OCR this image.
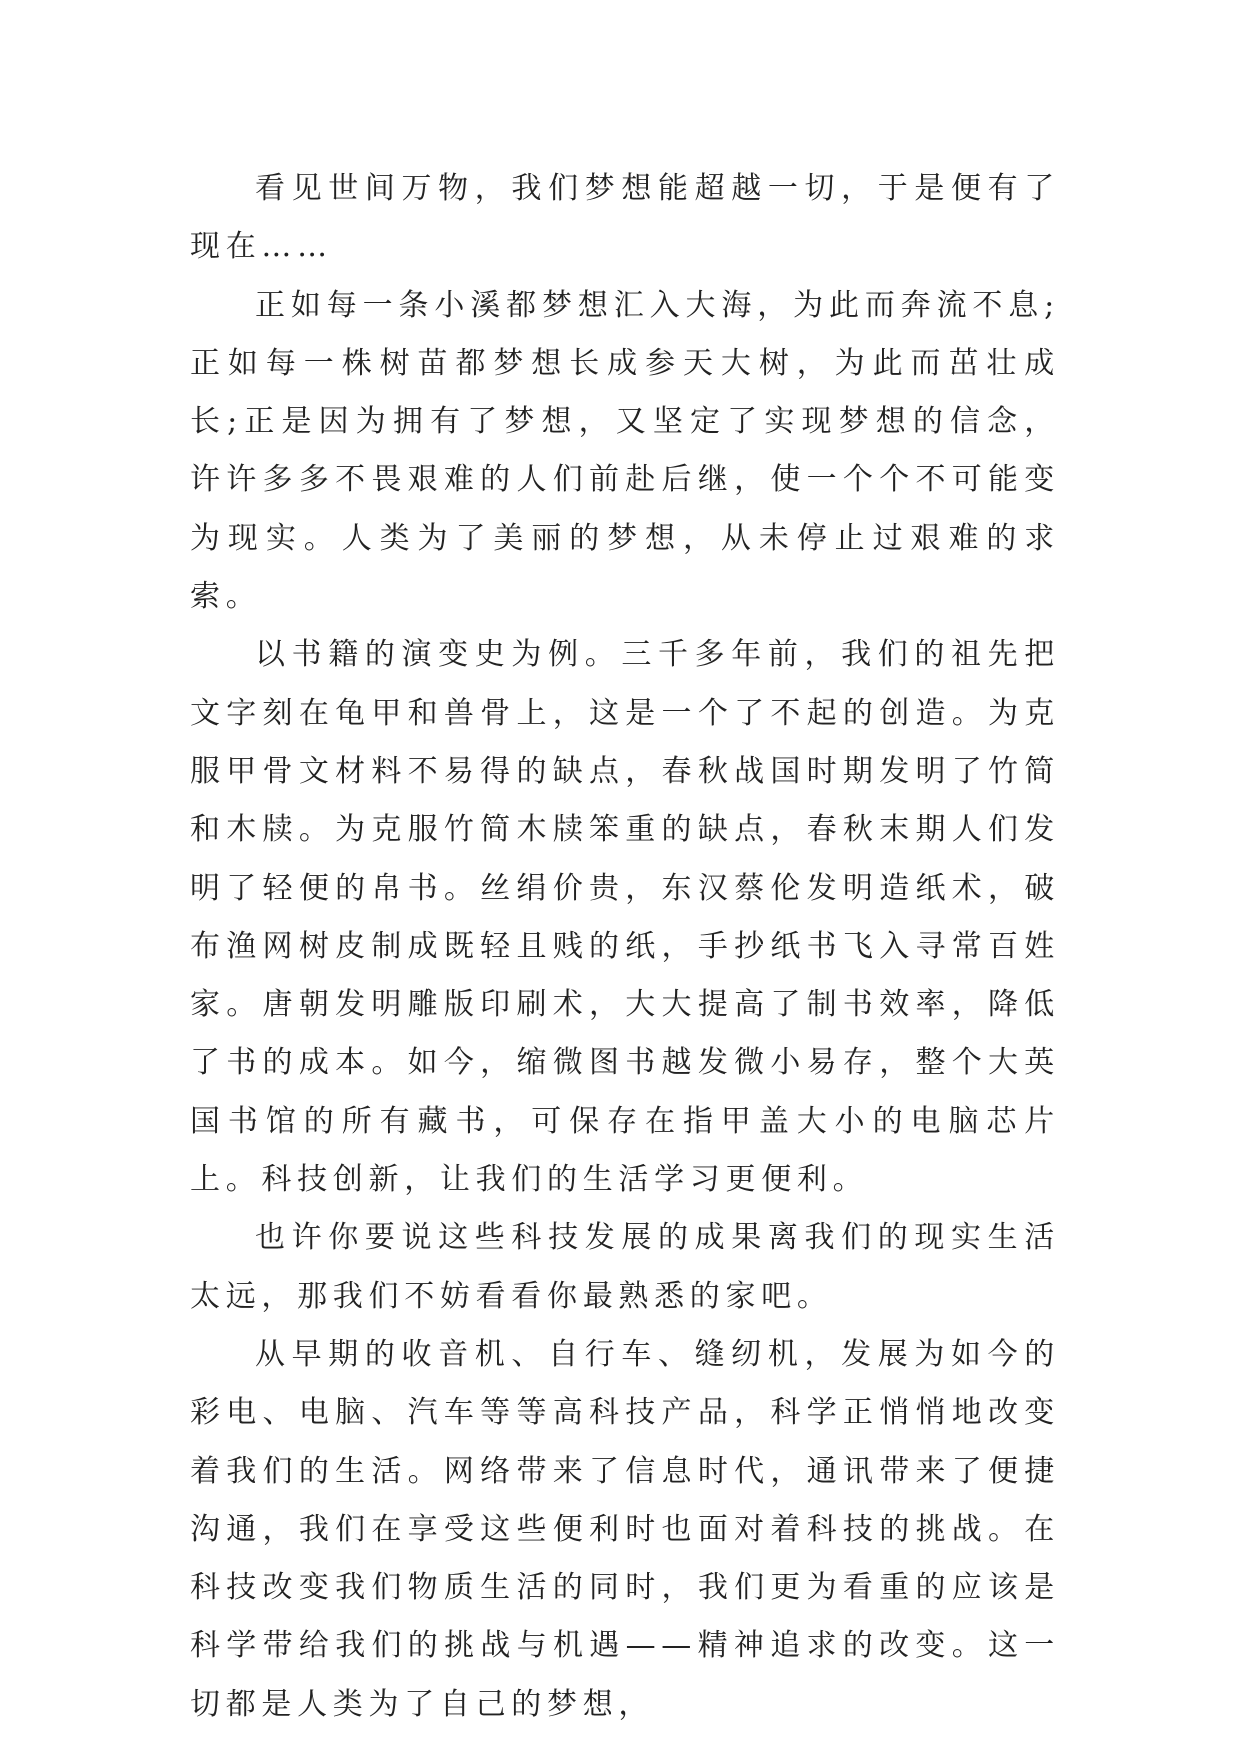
看见世间万物，我们梦想能超越一切，于是便有了现在……

正如每一条小溪都梦想汇入大海，为此而奔流不息;正如每一株树苗都梦想长成参天大树，为此而茁壮成长;正是因为拥有了梦想，又坚定了实现梦想的信念，许许多多不畏艰难的人们前赴后继，使一个个不可能变为现实。人类为了美丽的梦想，从未停止过艰难的求索。

以书籍的演变史为例。三千多年前，我们的祖先把文字刻在龟甲和兽骨上，这是一个了不起的创造。为克服甲骨文材料不易得的缺点，春秋战国时期发明了竹简和木牍。为克服竹简木牍笨重的缺点，春秋末期人们发明了轻便的帛书。丝绢价贵，东汉蔡伦发明造纸术，破布渔网树皮制成既轻且贱的纸，手抄纸书飞入寻常百姓家。唐朝发明雕版印刷术，大大提高了制书效率，降低了书的成本。如今，缩微图书越发微小易存，整个大英国书馆的所有藏书，可保存在指甲盖大小的电脑芯片上。科技创新，让我们的生活学习更便利。

也许你要说这些科技发展的成果离我们的现实生活太远，那我们不妨看看你最熟悉的家吧。

从早期的收音机、自行车、缝纫机，发展为如今的彩电、电脑、汽车等等高科技产品，科学正悄悄地改变着我们的生活。网络带来了信息时代，通讯带来了便捷沟通，我们在享受这些便利时也面对着科技的挑战。在科技改变我们物质生活的同时，我们更为看重的应该是科学带给我们的挑战与机遇——精神追求的改变。这一切都是人类为了自己的梦想，
